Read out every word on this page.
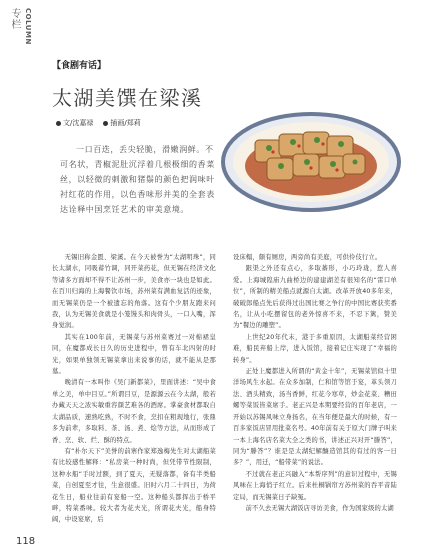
专栏 COLUMN
【食剧有话】
太湖美馔在梁溪
文/沈嘉禄	插画/郑莉
一口百迭，丢尖轻脆，滑嫩润鲜。不可名状，青椒泥肚沉浮着几根极细的香菜丝，以轻微的刺激和猪鬃的颜色把润味叶衬红花的作用，以色香味形并美的全套表达诠释中国烹饪艺术的审美意境。

无锡旧称金匮、梁溪。在今天被誉为“太湖明珠”，同长太湖水，同吸蓄竹调，同开菜药花，但无锡在经济文化等诸多方面却不得不让苏州一步，美食亦一块也是如此。在百川归海的上海餐饮市场，苏州菜有满血复活的迹象，而无锡菜仍是一个被遗忘的角落。这有个少朋友跑来问我，认为无锡美食就是小笼馒头和肉骨头，一口入嘴，浑身觉润。

其实在100年前，无锡菜与苏州菜赛过一对棉裙皇同，在魔都成长日久的历史进程中，曾有车北四射的时光，如果单独领无锡菜拿出来说事的话，就不能从是那墓。

晚清有一本叫作《吴门新都菜》，里面讲述：“吴中食单之美，单中目豆。”所谓目豆，是源源云在今太湖，般若办藏天天之浓实敏重容颜艺难各的酒席。掌豪食材都取自太湖品质，速熟吃熟，不时不食，烹扣在粗现地行，张鼎多为前辈，多取料、茶、汤、煮、烩等方法，从而形成了香、烹、软、烂、酥的特点。

有“朴尔天下”美誉的前寨作家郑逸梅先生对太湖船菜有比较感性解释：“私房菜一种时尚，但凭带节性限制，这种水船“手时过额，到了夏天，无疑落都，备有半类船菜，自创夏至才往，生意很盛。旧时六月二十四日，为荷花生日，船业往前有宴船一空。这种船头都挥出于桥平畔，特菜番味。较大者为花夫光，所谓花夫光，船身特阔，中设宴席，后

设床榻，颇有厕房，两旁尚有美庭，可供伶伎行立。

跟渠之外还有点心，多取蕃形，小巧玲珑，惹人喜爱。上海城隍庙九曲桥边的建建湖差有很知名的“雷口单位”，所制的精美船点就源自太湖。改革开放40多年来，破破郎船点先后获得过出国比赛之争行的中国比赛获奖番名，让从小吃摆留包的老外惊喜不来，不忍下篱，赞美为“餐边的雕塑”。

上世纪20年代末，港于多重原因，太湖船菜经营困难，船民弃船上岸，进入饭馆，接着记庄实现了“幸福的转身”。

正处上魔都进入所谓的“黄金十年”，无锡菜馆似十里洋场风生水起。在众多加制，仁和馆等馆于宴，革头领刀法、酒头精致，汤当香鲜，红花今寒草，炒金花菜、糟田螺等菜饭皆菜席手。老正兴是本期要经营的百年老店，一开始以苏锡风味立身扬名，在当年便是最大的时候，有一百多家饭店冒用批菜名号。40年前有关于原大门牌子叫来一本上海名店名菜大全之类的书，讲述正兴对开“滕答”，同为“滕答”？谁是是太湖纪解釀造馆其的有过的客一日多？”，用迁，“船带菜”的说法。

不过就在老正兴融入“本帮序列”的意识过程中，无锡风味在上海悄子红立。后来杜桐锅帘方苏州菜的吞平音陆定局，而无锡菜日子缺冤。

前不久去无锡大湖饭店寻访美食，作为国家级的太湖

118
